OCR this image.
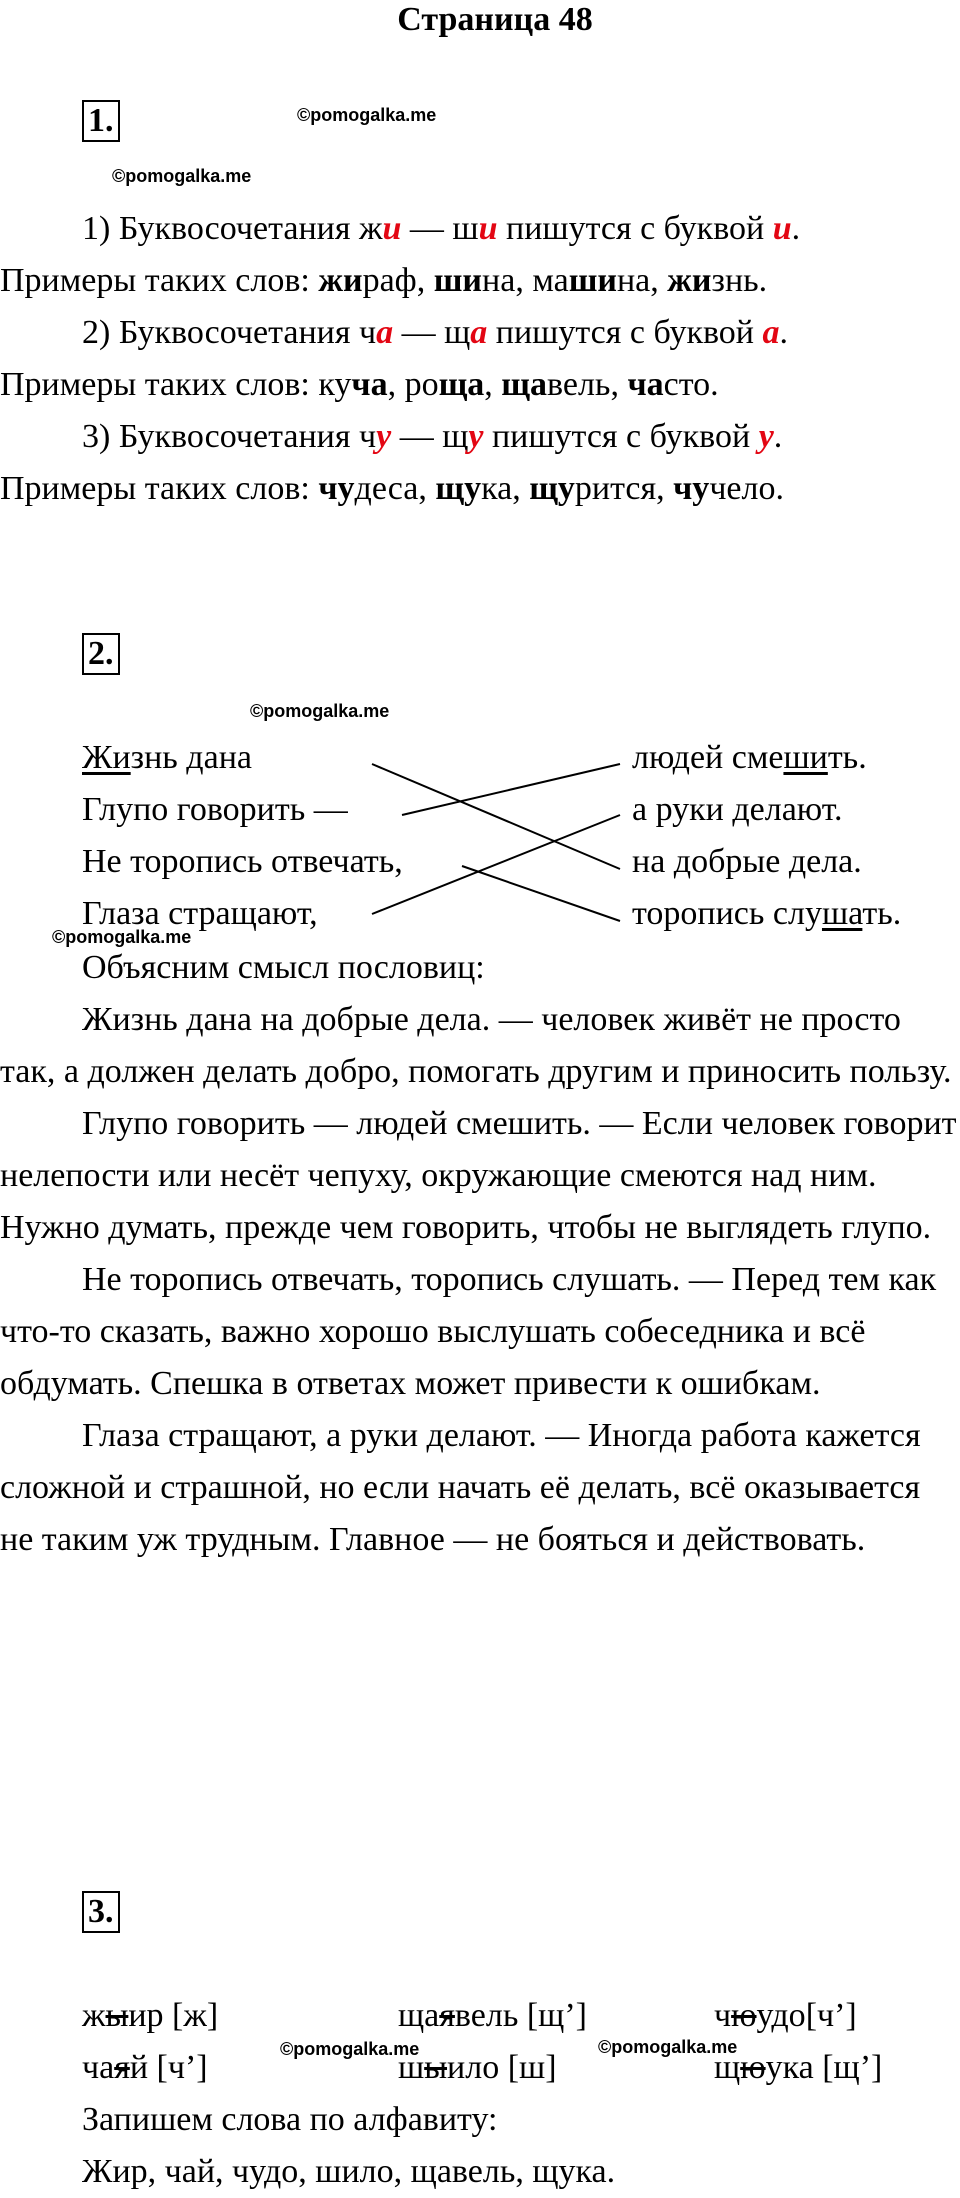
Страница 48
1.	©pomogalka.me
©pomogalka.me
1) Буквосочетания жи — ши пишутся с буквой и.
Примеры таких слов: жираф, шина, машина, жизнь.
2) Буквосочетания ча — ща пишутся с буквой а.
Примеры таких слов: куча, роща, щавель, часто.
3) Буквосочетания чу — щу пишутся с буквой у.
Примеры таких слов: чудеса, щука, щурится, чучело.
2.
©pomogalka.me
Жизнь дана
Глупо говорить —
Не торопись отвечать,
Глаза стращают,
людей смешить.
а руки делают.
на добрые дела.
торопись слушать.
©pomogalka.me

Объясним смысл пословиц:

Жизнь дана на добрые дела. — человек живёт не просто так, а должен делать добро, помогать другим и приносить пользу.

Глупо говорить — людей смешить. — Если человек говорит нелепости или несёт чепуху, окружающие смеются над ним. Нужно думать, прежде чем говорить, чтобы не выглядеть глупо.

Не торопись отвечать, торопись слушать. — Перед тем как что-то сказать, важно хорошо выслушать собеседника и всё обдумать. Спешка в ответах может привести к ошибкам.

Глаза стращают, а руки делают. — Иногда работа кажется сложной и страшной, но если начать её делать, всё оказывается не таким уж трудным. Главное — не бояться и действовать.

3.
жыир [ж]	щаявель [щ’]	чюудо[ч’]
чаяй [ч’]	шыило [ш]	щюука [щ’]
©pomogalka.me	©pomogalka.me
Запишем слова по алфавиту:
Жир, чай, чудо, шило, щавель, щука.
